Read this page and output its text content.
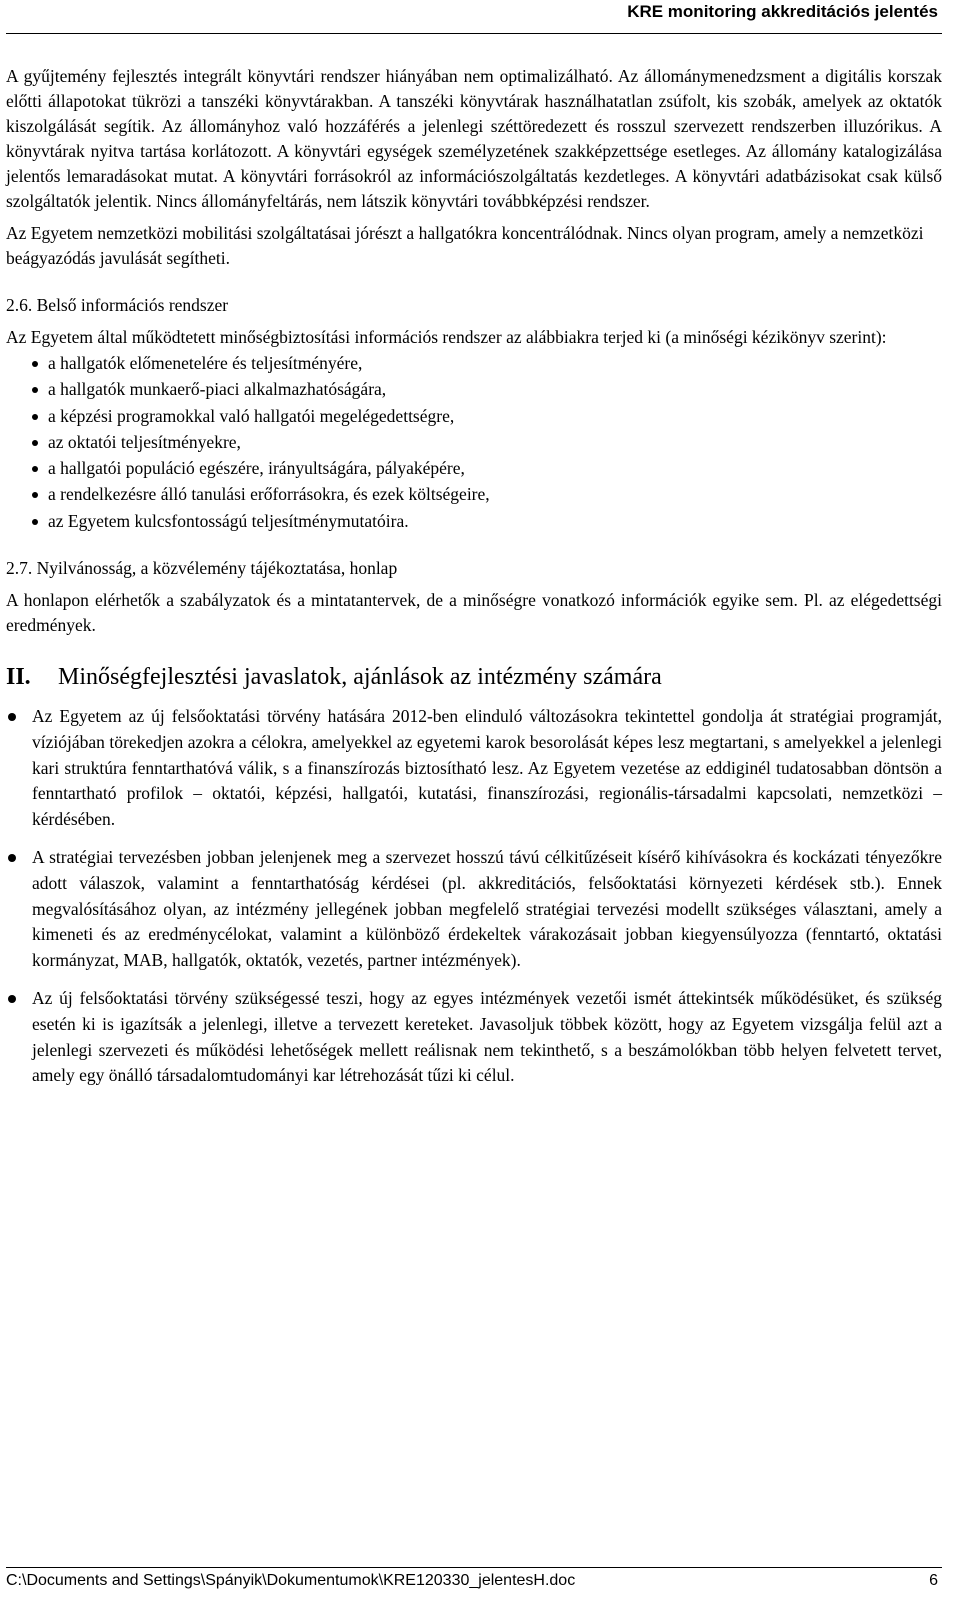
KRE monitoring akkreditációs jelentés

A gyűjtemény fejlesztés integrált könyvtári rendszer hiányában nem optimalizálható. Az állománymenedzsment a digitális korszak előtti állapotokat tükrözi a tanszéki könyvtárakban. A tanszéki könyvtárak használhatatlan zsúfolt, kis szobák, amelyek az oktatók kiszolgálását segítik. Az állományhoz való hozzáférés a jelenlegi széttöredezett és rosszul szervezett rendszerben illuzórikus. A könyvtárak nyitva tartása korlátozott. A könyvtári egységek személyzetének szakképzettsége esetleges. Az állomány katalogizálása jelentős lemaradásokat mutat. A könyvtári forrásokról az információszolgáltatás kezdetleges. A könyvtári adatbázisokat csak külső szolgáltatók jelentik. Nincs állományfeltárás, nem látszik könyvtári továbbképzési rendszer.

Az Egyetem nemzetközi mobilitási szolgáltatásai jórészt a hallgatókra koncentrálódnak. Nincs olyan program, amely a nemzetközi beágyazódás javulását segítheti.

2.6. Belső információs rendszer

Az Egyetem által működtetett minőségbiztosítási információs rendszer az alábbiakra terjed ki (a minőségi kézikönyv szerint):

a hallgatók előmenetelére és teljesítményére,
a hallgatók munkaerő-piaci alkalmazhatóságára,
a képzési programokkal való hallgatói megelégedettségre,
az oktatói teljesítményekre,
a hallgatói populáció egészére, irányultságára, pályaképére,
a rendelkezésre álló tanulási erőforrásokra, és ezek költségeire,
az Egyetem kulcsfontosságú teljesítménymutatóira.

2.7. Nyilvánosság, a közvélemény tájékoztatása, honlap

A honlapon elérhetők a szabályzatok és a mintatantervek, de a minőségre vonatkozó információk egyike sem. Pl. az elégedettségi eredmények.

II.	Minőségfejlesztési javaslatok, ajánlások az intézmény számára
Az Egyetem az új felsőoktatási törvény hatására 2012-ben elinduló változásokra tekintettel gondolja át stratégiai programját, víziójában törekedjen azokra a célokra, amelyekkel az egyetemi karok besorolását képes lesz megtartani, s amelyekkel a jelenlegi kari struktúra fenntarthatóvá válik, s a finanszírozás biztosítható lesz. Az Egyetem vezetése az eddiginél tudatosabban döntsön a fenntartható profilok – oktatói, képzési, hallgatói, kutatási, finanszírozási, regionális-társadalmi kapcsolati, nemzetközi – kérdésében.
A stratégiai tervezésben jobban jelenjenek meg a szervezet hosszú távú célkitűzéseit kísérő kihívásokra és kockázati tényezőkre adott válaszok, valamint a fenntarthatóság kérdései (pl. akkreditációs, felsőoktatási környezeti kérdések stb.). Ennek megvalósításához olyan, az intézmény jellegének jobban megfelelő stratégiai tervezési modellt szükséges választani, amely a kimeneti és az eredménycélokat, valamint a különböző érdekeltek várakozásait jobban kiegyensúlyozza (fenntartó, oktatási kormányzat, MAB, hallgatók, oktatók, vezetés, partner intézmények).
Az új felsőoktatási törvény szükségessé teszi, hogy az egyes intézmények vezetői ismét áttekintsék működésüket, és szükség esetén ki is igazítsák a jelenlegi, illetve a tervezett kereteket. Javasoljuk többek között, hogy az Egyetem vizsgálja felül azt a jelenlegi szervezeti és működési lehetőségek mellett reálisnak nem tekinthető, s a beszámolókban több helyen felvetett tervet, amely egy önálló társadalomtudományi kar létrehozását tűzi ki célul.
C:\Documents and Settings\Spányik\Dokumentumok\KRE120330_jelentesH.doc	6
